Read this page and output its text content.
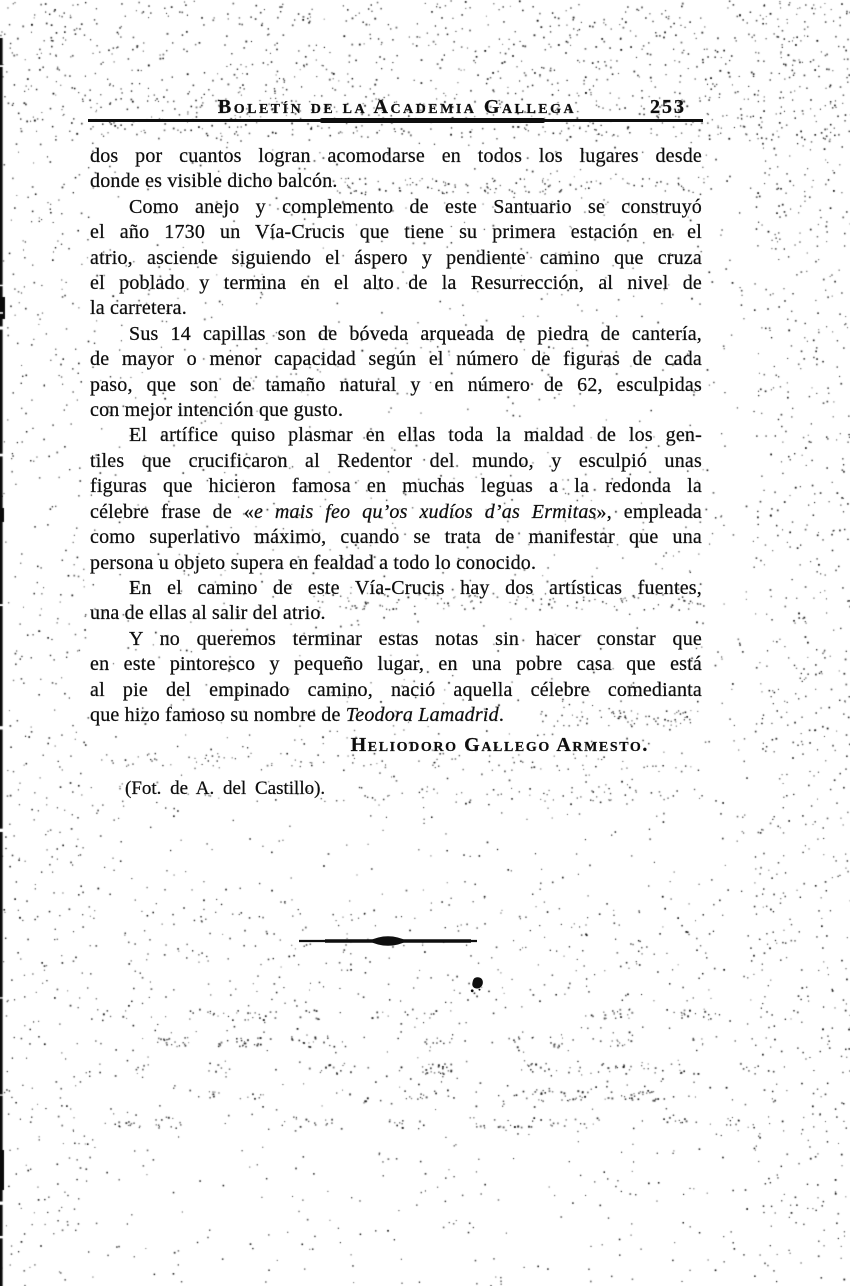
Boletín de la Academia Gallega	253
dos por cuantos logran acomodarse en todos los lugares desde
donde es visible dicho balcón.
Como anejo y complemento de este Santuario se construyó
el año 1730 un Vía-Crucis que tiene su primera estación en el
atrio, asciende siguiendo el áspero y pendiente camino que cruza
el poblado y termina en el alto de la Resurrección, al nivel de
la carretera.
Sus 14 capillas son de bóveda arqueada de piedra de cantería,
de mayor o menor capacidad según el número de figuras de cada
paso, que son de tamaño natural y en número de 62, esculpidas
con mejor intención que gusto.
El artífice quiso plasmar en ellas toda la maldad de los gen-
tiles que crucificaron al Redentor del mundo, y esculpió unas
figuras que hicieron famosa en muchas leguas a la redonda la
célebre frase de «e mais feo qu’os xudíos d’as Ermitas», empleada
como superlativo máximo, cuando se trata de manifestar que una
persona u objeto supera en fealdad a todo lo conocido.
En el camino de este Vía-Crucis hay dos artísticas fuentes,
una de ellas al salir del atrio.
Y no queremos terminar estas notas sin hacer constar que
en este pintoresco y pequeño lugar, en una pobre casa que está
al pie del empinado camino, nació aquella célebre comedianta
que hizo famoso su nombre de Teodora Lamadrid.
Heliodoro Gallego Armesto.
(Fot. de A. del Castillo).
